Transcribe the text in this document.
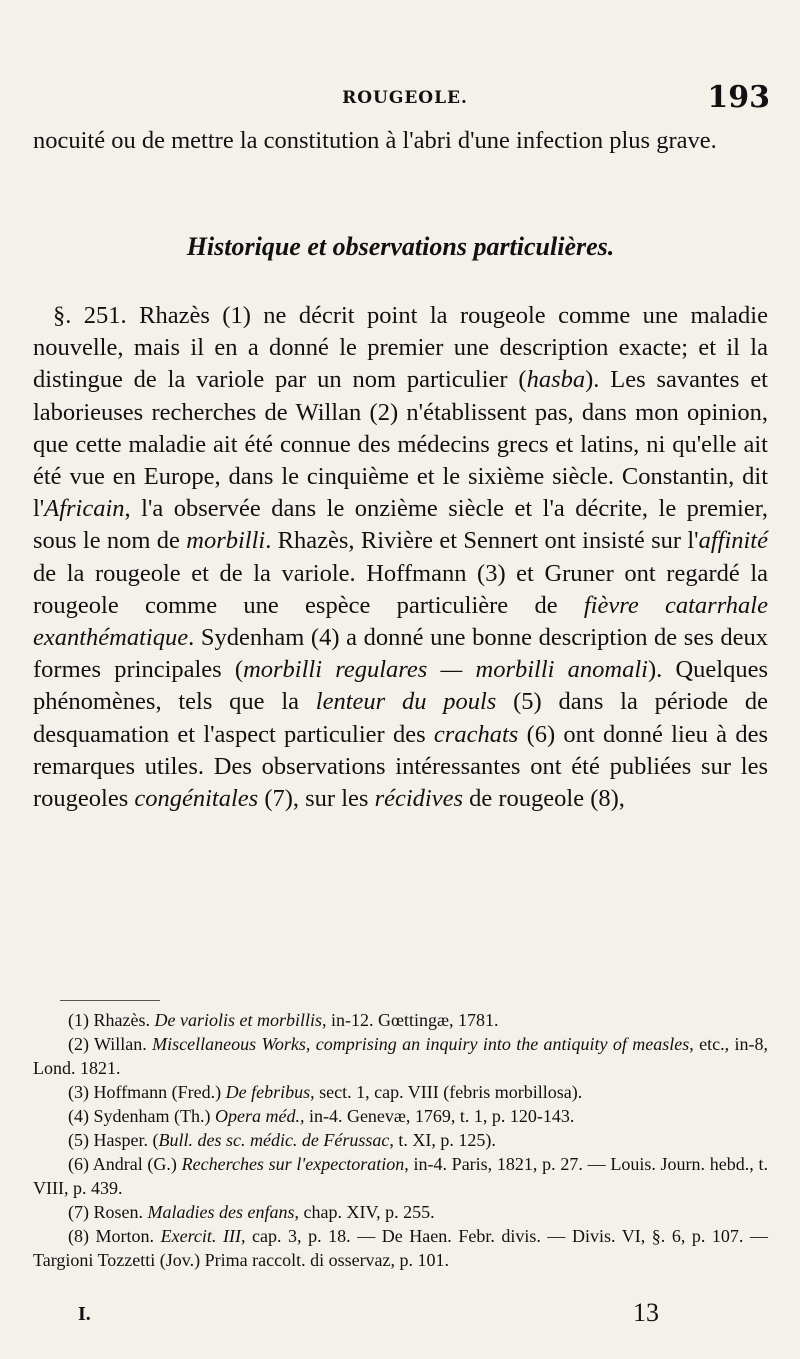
ROUGEOLE.	193

nocuité ou de mettre la constitution à l'abri d'une infection plus grave.

Historique et observations particulières.

§. 251. Rhazès (1) ne décrit point la rougeole comme une maladie nouvelle, mais il en a donné le premier une description exacte; et il la distingue de la variole par un nom particulier (hasba). Les savantes et laborieuses recherches de Willan (2) n'établissent pas, dans mon opinion, que cette maladie ait été connue des médecins grecs et latins, ni qu'elle ait été vue en Europe, dans le cinquième et le sixième siècle. Constantin, dit l'Africain, l'a observée dans le onzième siècle et l'a décrite, le premier, sous le nom de morbilli. Rhazès, Rivière et Sennert ont insisté sur l'affinité de la rougeole et de la variole. Hoffmann (3) et Gruner ont regardé la rougeole comme une espèce particulière de fièvre catarrhale exanthématique. Sydenham (4) a donné une bonne description de ses deux formes principales (morbilli regulares — morbilli anomali). Quelques phénomènes, tels que la lenteur du pouls (5) dans la période de desquamation et l'aspect particulier des crachats (6) ont donné lieu à des remarques utiles. Des observations intéressantes ont été publiées sur les rougeoles congénitales (7), sur les récidives de rougeole (8),

(1) Rhazès. De variolis et morbillis, in-12. Gœttingæ, 1781.

(2) Willan. Miscellaneous Works, comprising an inquiry into the antiquity of measles, etc., in-8, Lond. 1821.

(3) Hoffmann (Fred.) De febribus, sect. 1, cap. VIII (febris morbillosa).

(4) Sydenham (Th.) Opera méd., in-4. Genevæ, 1769, t. 1, p. 120-143.

(5) Hasper. (Bull. des sc. médic. de Férussac, t. XI, p. 125).

(6) Andral (G.) Recherches sur l'expectoration, in-4. Paris, 1821, p. 27. — Louis. Journ. hebd., t. VIII, p. 439.

(7) Rosen. Maladies des enfans, chap. XIV, p. 255.

(8) Morton. Exercit. III, cap. 3, p. 18. — De Haen. Febr. divis. — Divis. VI, §. 6, p. 107. — Targioni Tozzetti (Jov.) Prima raccolt. di osservaz, p. 101.

I.	13
